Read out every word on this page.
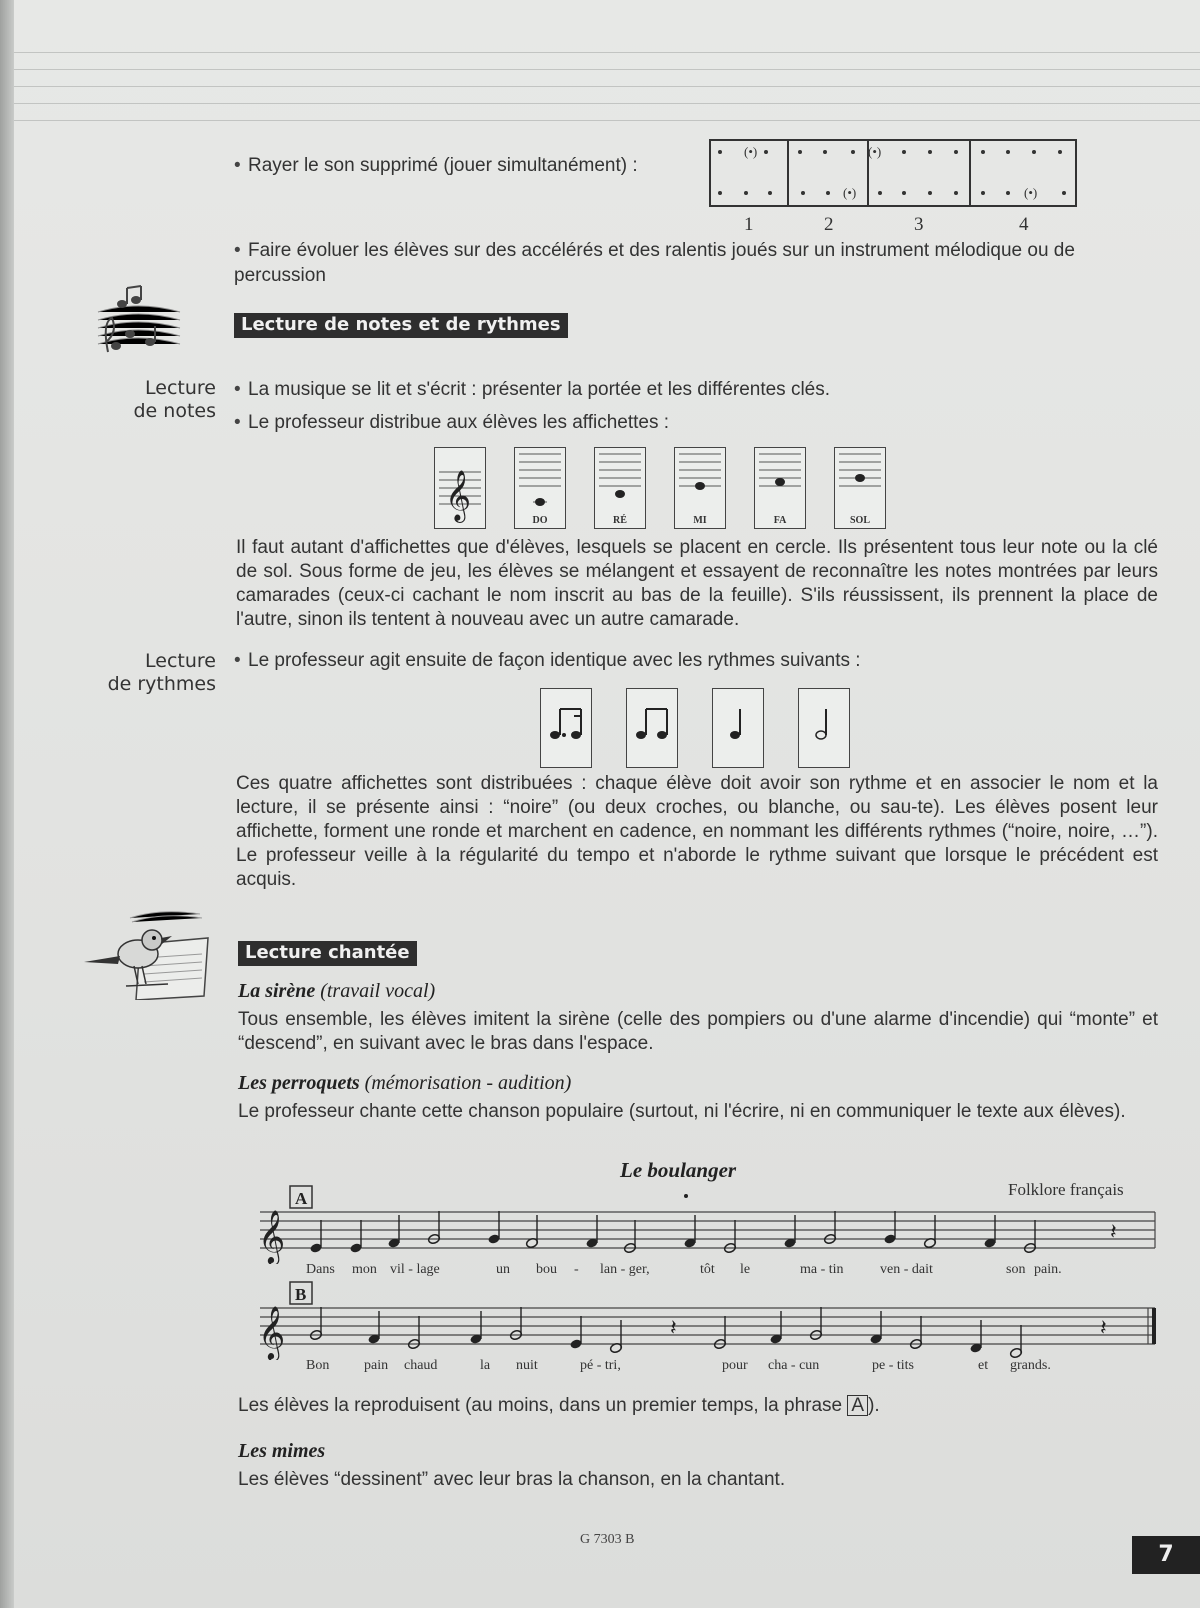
• Rayer le son supprimé (jouer simultanément) :
(•)
(•)
(•)
(•)
1	2	3	4
• Faire évoluer les élèves sur des accélérés et des ralentis joués sur un instrument mélodique ou de percussion
Lecture de notes et de rythmes
Lecture
de notes
• La musique se lit et s'écrit : présenter la portée et les différentes clés.
• Le professeur distribue aux élèves les affichettes :
𝄞	DO	RÉ	MI	FA	SOL
Il faut autant d'affichettes que d'élèves, lesquels se placent en cercle. Ils présentent tous leur note ou la clé de sol. Sous forme de jeu, les élèves se mélangent et essayent de reconnaître les notes montrées par leurs camarades (ceux-ci cachant le nom inscrit au bas de la feuille). S'ils réussissent, ils prennent la place de l'autre, sinon ils tentent à nouveau avec un autre camarade.
Lecture
de rythmes
• Le professeur agit ensuite de façon identique avec les rythmes suivants :
Ces quatre affichettes sont distribuées : chaque élève doit avoir son rythme et en associer le nom et la lecture, il se présente ainsi : “noire” (ou deux croches, ou blanche, ou sau-te). Les élèves posent leur affichette, forment une ronde et marchent en cadence, en nommant les différents rythmes (“noire, noire, …”). Le professeur veille à la régularité du tempo et n'aborde le rythme suivant que lorsque le précédent est acquis.
Lecture chantée
La sirène (travail vocal)
Tous ensemble, les élèves imitent la sirène (celle des pompiers ou d'une alarme d'incendie) qui “monte” et “descend”, en suivant avec le bras dans l'espace.
Les perroquets (mémorisation - audition)
Le professeur chante cette chanson populaire (surtout, ni l'écrire, ni en communiquer le texte aux élèves).
Le boulanger
Folklore français
A
𝄞	𝄽
Dans mon vil - lage	un bou - lan - ger,	tôt le	ma - tin	ven - dait	son pain.
B
𝄞	𝄽	𝄽
Bon pain chaud	la nuit	pé - tri,	pour cha - cun	pe - tits	et grands.
Les élèves la reproduisent (au moins, dans un premier temps, la phrase A ).
Les mimes
Les élèves “dessinent” avec leur bras la chanson, en la chantant.
G 7303 B
7
